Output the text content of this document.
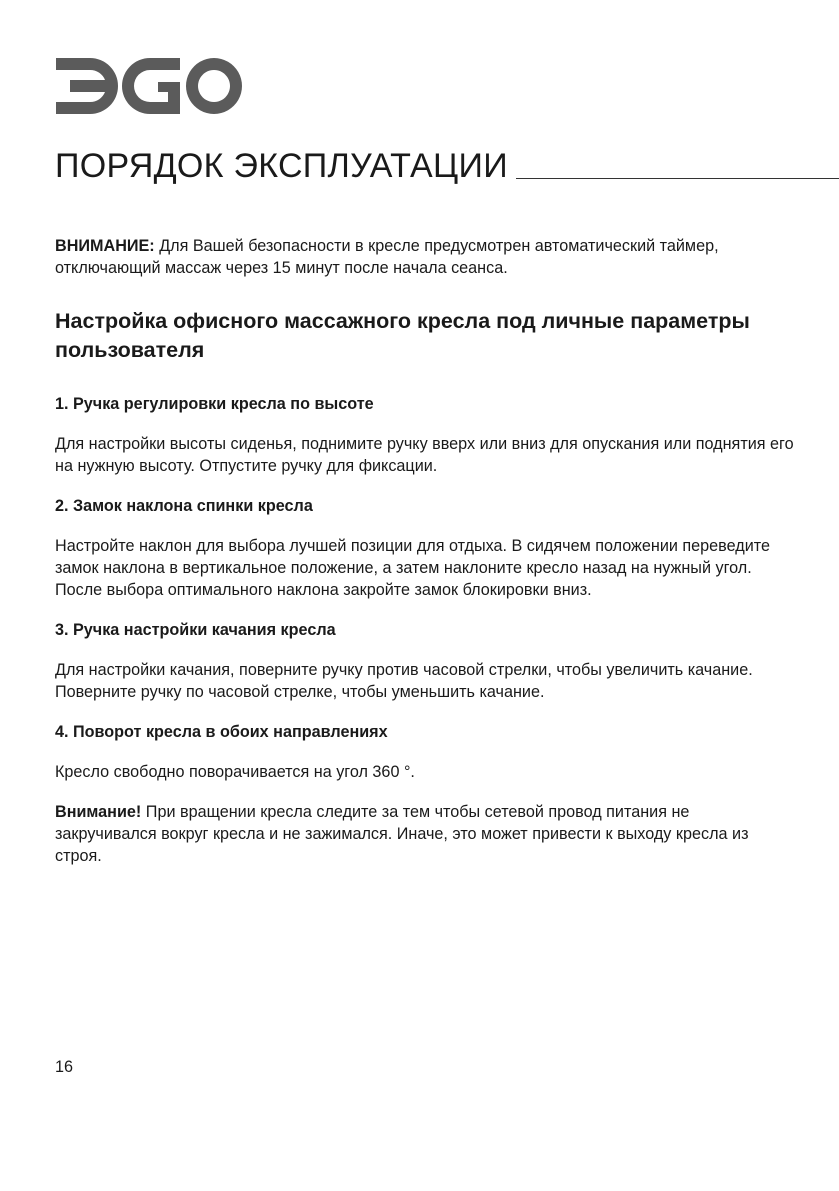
ПОРЯДОК ЭКСПЛУАТАЦИИ

ВНИМАНИЕ: Для Вашей безопасности в кресле предусмотрен автоматический таймер, отключающий массаж через 15 минут после начала сеанса.

Настройка офисного массажного кресла под личные параметры пользователя
1. Ручка регулировки кресла по высоте

Для настройки высоты сиденья, поднимите ручку вверх или вниз для опускания или поднятия его на нужную высоту. Отпустите ручку для фиксации.

2. Замок наклона спинки кресла

Настройте наклон для выбора лучшей позиции для отдыха. В сидячем положении переведите замок наклона в вертикальное положение, а затем наклоните кресло назад на нужный угол. После выбора оптимального наклона закройте замок блокировки вниз.

3. Ручка настройки качания кресла

Для настройки качания, поверните ручку против часовой стрелки, чтобы увеличить качание. Поверните ручку по часовой стрелке, чтобы уменьшить качание.

4. Поворот кресла в обоих направлениях

Кресло свободно поворачивается на угол 360 °.

Внимание! При вращении кресла следите за тем чтобы сетевой провод питания не закручивался вокруг кресла и не зажимался. Иначе, это может привести к выходу кресла из строя.

16
